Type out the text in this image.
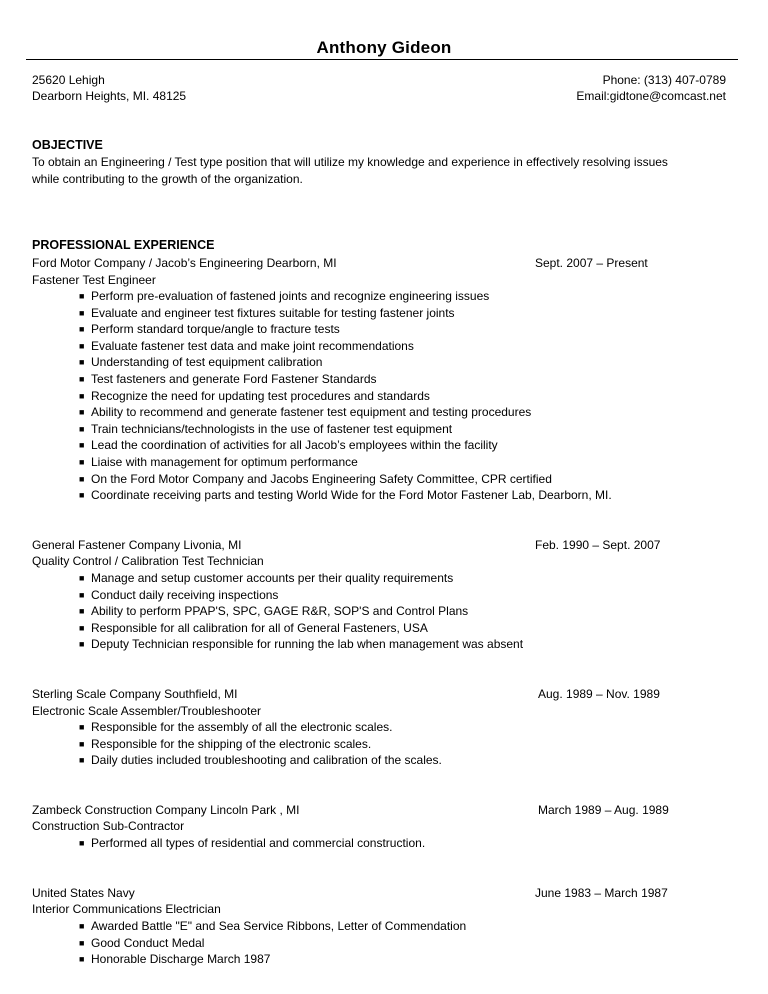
Anthony Gideon
25620 Lehigh
Dearborn Heights, MI. 48125
Phone: (313) 407-0789
Email:gidtone@comcast.net
OBJECTIVE
To obtain an Engineering / Test type position that will utilize my knowledge and experience in effectively resolving issues
while contributing to the growth of the organization.
PROFESSIONAL EXPERIENCE
Ford Motor Company / Jacob’s Engineering Dearborn, MI	Sept. 2007 – Present
Fastener Test Engineer
■ Perform pre-evaluation of fastened joints and recognize engineering issues
■ Evaluate and engineer test fixtures suitable for testing fastener joints
■ Perform standard torque/angle to fracture tests
■ Evaluate fastener test data and make joint recommendations
■ Understanding of test equipment calibration
■ Test fasteners and generate Ford Fastener Standards
■ Recognize the need for updating test procedures and standards
■ Ability to recommend and generate fastener test equipment and testing procedures
■ Train technicians/technologists in the use of fastener test equipment
■ Lead the coordination of activities for all Jacob’s employees within the facility
■ Liaise with management for optimum performance
■ On the Ford Motor Company and Jacobs Engineering Safety Committee, CPR certified
■ Coordinate receiving parts and testing World Wide for the Ford Motor Fastener Lab, Dearborn, MI.
General Fastener Company Livonia, MI	Feb. 1990 – Sept. 2007
Quality Control / Calibration Test Technician
■ Manage and setup customer accounts per their quality requirements
■ Conduct daily receiving inspections
■ Ability to perform PPAP'S, SPC, GAGE R&R, SOP'S and Control Plans
■ Responsible for all calibration for all of General Fasteners, USA
■ Deputy Technician responsible for running the lab when management was absent
Sterling Scale Company Southfield, MI	Aug. 1989 – Nov. 1989
Electronic Scale Assembler/Troubleshooter
■ Responsible for the assembly of all the electronic scales.
■ Responsible for the shipping of the electronic scales.
■ Daily duties included troubleshooting and calibration of the scales.
Zambeck Construction Company Lincoln Park , MI	March 1989 – Aug. 1989
Construction Sub-Contractor
■ Performed all types of residential and commercial construction.
United States Navy	June 1983 – March 1987
Interior Communications Electrician
■ Awarded Battle "E" and Sea Service Ribbons, Letter of Commendation
■ Good Conduct Medal
■ Honorable Discharge March 1987
